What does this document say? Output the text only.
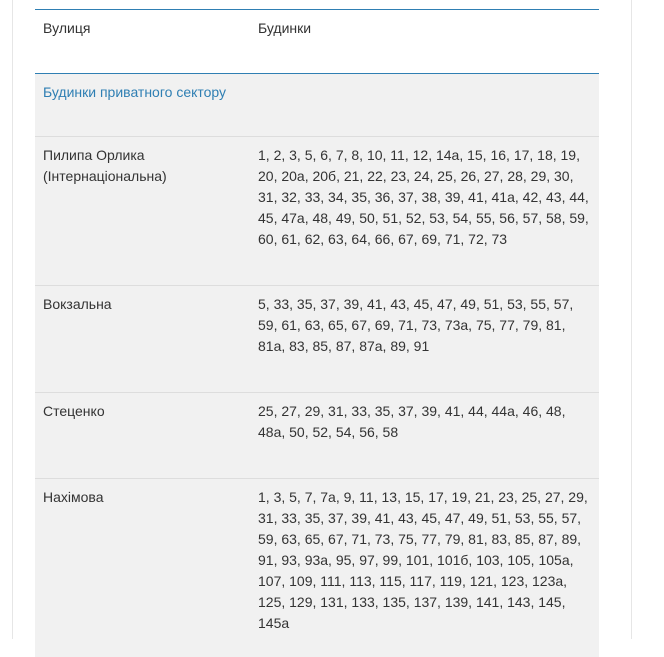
Вулиця	Будинки
Будинки приватного сектору	
Пилипа Орлика
(Інтернаціональна)	1, 2, 3, 5, 6, 7, 8, 10, 11, 12, 14а, 15, 16, 17, 18, 19, 20, 20а, 20б, 21, 22, 23, 24, 25, 26, 27, 28, 29, 30, 31, 32, 33, 34, 35, 36, 37, 38, 39, 41, 41а, 42, 43, 44, 45, 47а, 48, 49, 50, 51, 52, 53, 54, 55, 56, 57, 58, 59, 60, 61, 62, 63, 64, 66, 67, 69, 71, 72, 73
Вокзальна	5, 33, 35, 37, 39, 41, 43, 45, 47, 49, 51, 53, 55, 57, 59, 61, 63, 65, 67, 69, 71, 73, 73а, 75, 77, 79, 81, 81а, 83, 85, 87, 87а, 89, 91
Стеценко	25, 27, 29, 31, 33, 35, 37, 39, 41, 44, 44а, 46, 48, 48а, 50, 52, 54, 56, 58
Нахімова	1, 3, 5, 7, 7а, 9, 11, 13, 15, 17, 19, 21, 23, 25, 27, 29, 31, 33, 35, 37, 39, 41, 43, 45, 47, 49, 51, 53, 55, 57, 59, 63, 65, 67, 71, 73, 75, 77, 79, 81, 83, 85, 87, 89, 91, 93, 93а, 95, 97, 99, 101, 101б, 103, 105, 105а, 107, 109, 111, 113, 115, 117, 119, 121, 123, 123а, 125, 129, 131, 133, 135, 137, 139, 141, 143, 145, 145а
